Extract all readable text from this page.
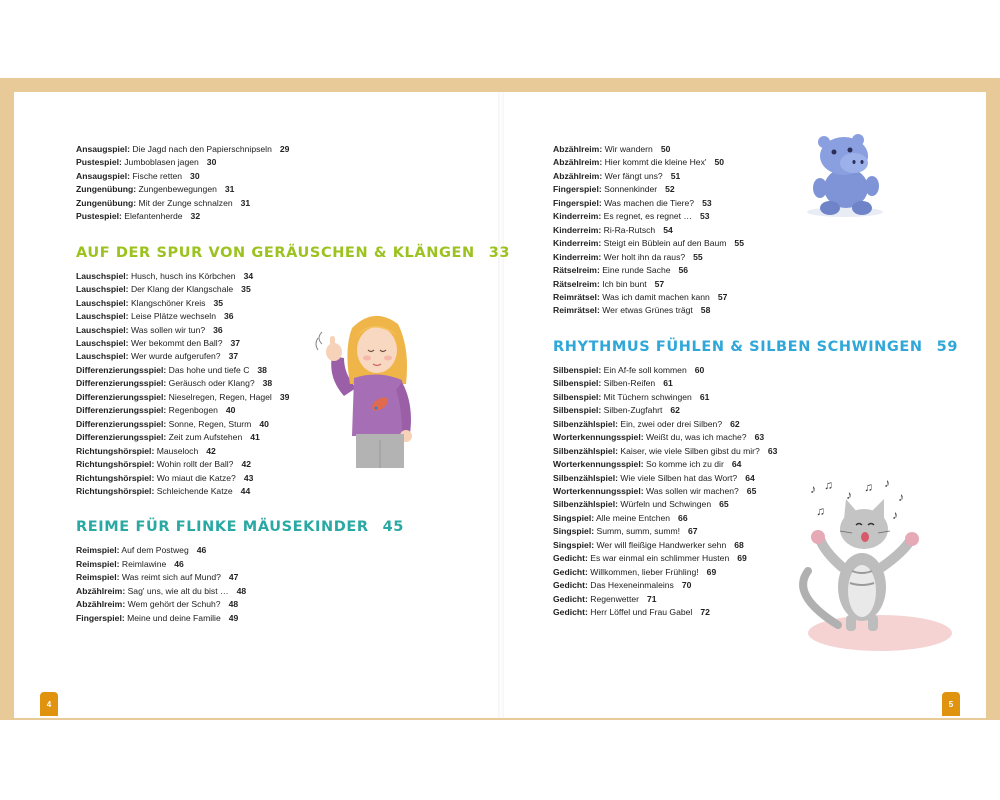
Ansaugspiel: Die Jagd nach den Papierschnipseln 29
Pustespiel: Jumboblasen jagen 30
Ansaugspiel: Fische retten 30
Zungenübung: Zungenbewegungen 31
Zungenübung: Mit der Zunge schnalzen 31
Pustespiel: Elefantenherde 32
AUF DER SPUR VON GERÄUSCHEN & KLÄNGEN 33
Lauschspiel: Husch, husch ins Körbchen 34
Lauschspiel: Der Klang der Klangschale 35
Lauschspiel: Klangschöner Kreis 35
Lauschspiel: Leise Plätze wechseln 36
Lauschspiel: Was sollen wir tun? 36
Lauschspiel: Wer bekommt den Ball? 37
Lauschspiel: Wer wurde aufgerufen? 37
Differenzierungsspiel: Das hohe und tiefe C 38
Differenzierungsspiel: Geräusch oder Klang? 38
Differenzierungsspiel: Nieselregen, Regen, Hagel 39
Differenzierungsspiel: Regenbogen 40
Differenzierungsspiel: Sonne, Regen, Sturm 40
Differenzierungsspiel: Zeit zum Aufstehen 41
Richtungshörspiel: Mauseloch 42
Richtungshörspiel: Wohin rollt der Ball? 42
Richtungshörspiel: Wo miaut die Katze? 43
Richtungshörspiel: Schleichende Katze 44
REIME FÜR FLINKE MÄUSEKINDER 45
Reimspiel: Auf dem Postweg 46
Reimspiel: Reimlawine 46
Reimspiel: Was reimt sich auf Mund? 47
Abzählreim: Sag' uns, wie alt du bist … 48
Abzählreim: Wem gehört der Schuh? 48
Fingerspiel: Meine und deine Familie 49
Abzählreim: Wir wandern 50
Abzählreim: Hier kommt die kleine Hex' 50
Abzählreim: Wer fängt uns? 51
Fingerspiel: Sonnenkinder 52
Fingerspiel: Was machen die Tiere? 53
Kinderreim: Es regnet, es regnet … 53
Kinderreim: Ri-Ra-Rutsch 54
Kinderreim: Steigt ein Büblein auf den Baum 55
Kinderreim: Wer holt ihn da raus? 55
Rätselreim: Eine runde Sache 56
Rätselreim: Ich bin bunt 57
Reimrätsel: Was ich damit machen kann 57
Reimrätsel: Wer etwas Grünes trägt 58
RHYTHMUS FÜHLEN & SILBEN SCHWINGEN 59
Silbenspiel: Ein Af-fe soll kommen 60
Silbenspiel: Silben-Reifen 61
Silbenspiel: Mit Tüchern schwingen 61
Silbenspiel: Silben-Zugfahrt 62
Silbenzählspiel: Ein, zwei oder drei Silben? 62
Worterkennungsspiel: Weißt du, was ich mache? 63
Silbenzählspiel: Kaiser, wie viele Silben gibst du mir? 63
Worterkennungsspiel: So komme ich zu dir 64
Silbenzählspiel: Wie viele Silben hat das Wort? 64
Worterkennungsspiel: Was sollen wir machen? 65
Silbenzählspiel: Würfeln und Schwingen 65
Singspiel: Alle meine Entchen 66
Singspiel: Summ, summ, summ! 67
Singspiel: Wer will fleißige Handwerker sehn 68
Gedicht: Es war einmal ein schlimmer Husten 69
Gedicht: Willkommen, lieber Frühling! 69
Gedicht: Das Hexeneinmaleins 70
Gedicht: Regenwetter 71
Gedicht: Herr Löffel und Frau Gabel 72
4	5
♪ ♫
♪
♫ ♪
♪
♫	♪
